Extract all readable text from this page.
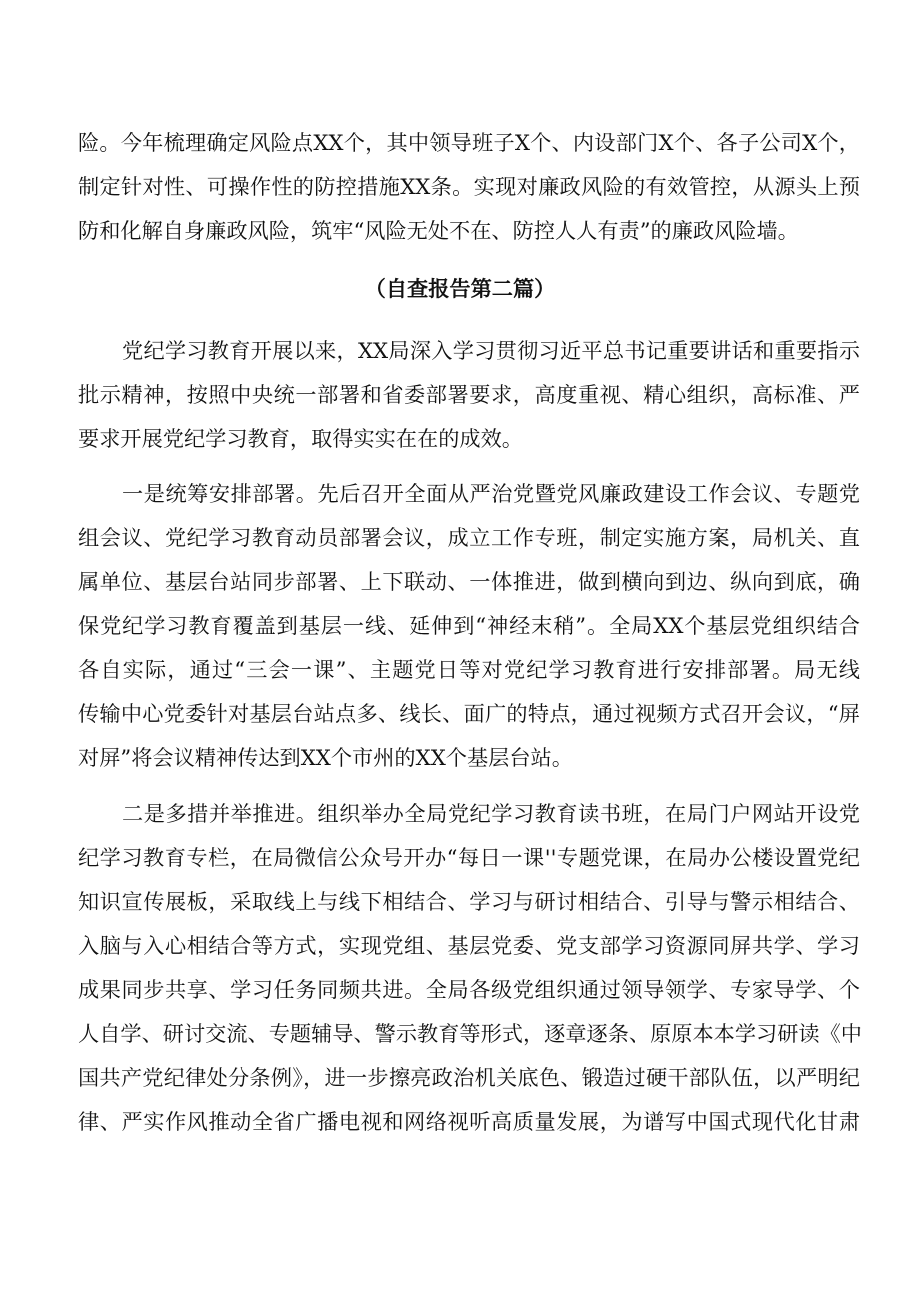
险。今年梳理确定风险点XX个，其中领导班子X个、内设部门X个、各子公司X个，
制定针对性、可操作性的防控措施XX条。实现对廉政风险的有效管控，从源头上预
防和化解自身廉政风险，筑牢“风险无处不在、防控人人有责”的廉政风险墙。
（自查报告第二篇）
党纪学习教育开展以来，XX局深入学习贯彻习近平总书记重要讲话和重要指示
批示精神，按照中央统一部署和省委部署要求，高度重视、精心组织，高标准、严
要求开展党纪学习教育，取得实实在在的成效。
一是统筹安排部署。先后召开全面从严治党暨党风廉政建设工作会议、专题党
组会议、党纪学习教育动员部署会议，成立工作专班，制定实施方案，局机关、直
属单位、基层台站同步部署、上下联动、一体推进，做到横向到边、纵向到底，确
保党纪学习教育覆盖到基层一线、延伸到“神经末稍”。全局XX个基层党组织结合
各自实际，通过“三会一课”、主题党日等对党纪学习教育进行安排部署。局无线
传输中心党委针对基层台站点多、线长、面广的特点，通过视频方式召开会议，“屏
对屏”将会议精神传达到XX个市州的XX个基层台站。
二是多措并举推进。组织举办全局党纪学习教育读书班，在局门户网站开设党
纪学习教育专栏，在局微信公众号开办“每日一课''专题党课，在局办公楼设置党纪
知识宣传展板，采取线上与线下相结合、学习与研讨相结合、引导与警示相结合、
入脑与入心相结合等方式，实现党组、基层党委、党支部学习资源同屏共学、学习
成果同步共享、学习任务同频共进。全局各级党组织通过领导领学、专家导学、个
人自学、研讨交流、专题辅导、警示教育等形式，逐章逐条、原原本本学习研读《中
国共产党纪律处分条例》，进一步擦亮政治机关底色、锻造过硬干部队伍，以严明纪
律、严实作风推动全省广播电视和网络视听高质量发展，为谱写中国式现代化甘肃
